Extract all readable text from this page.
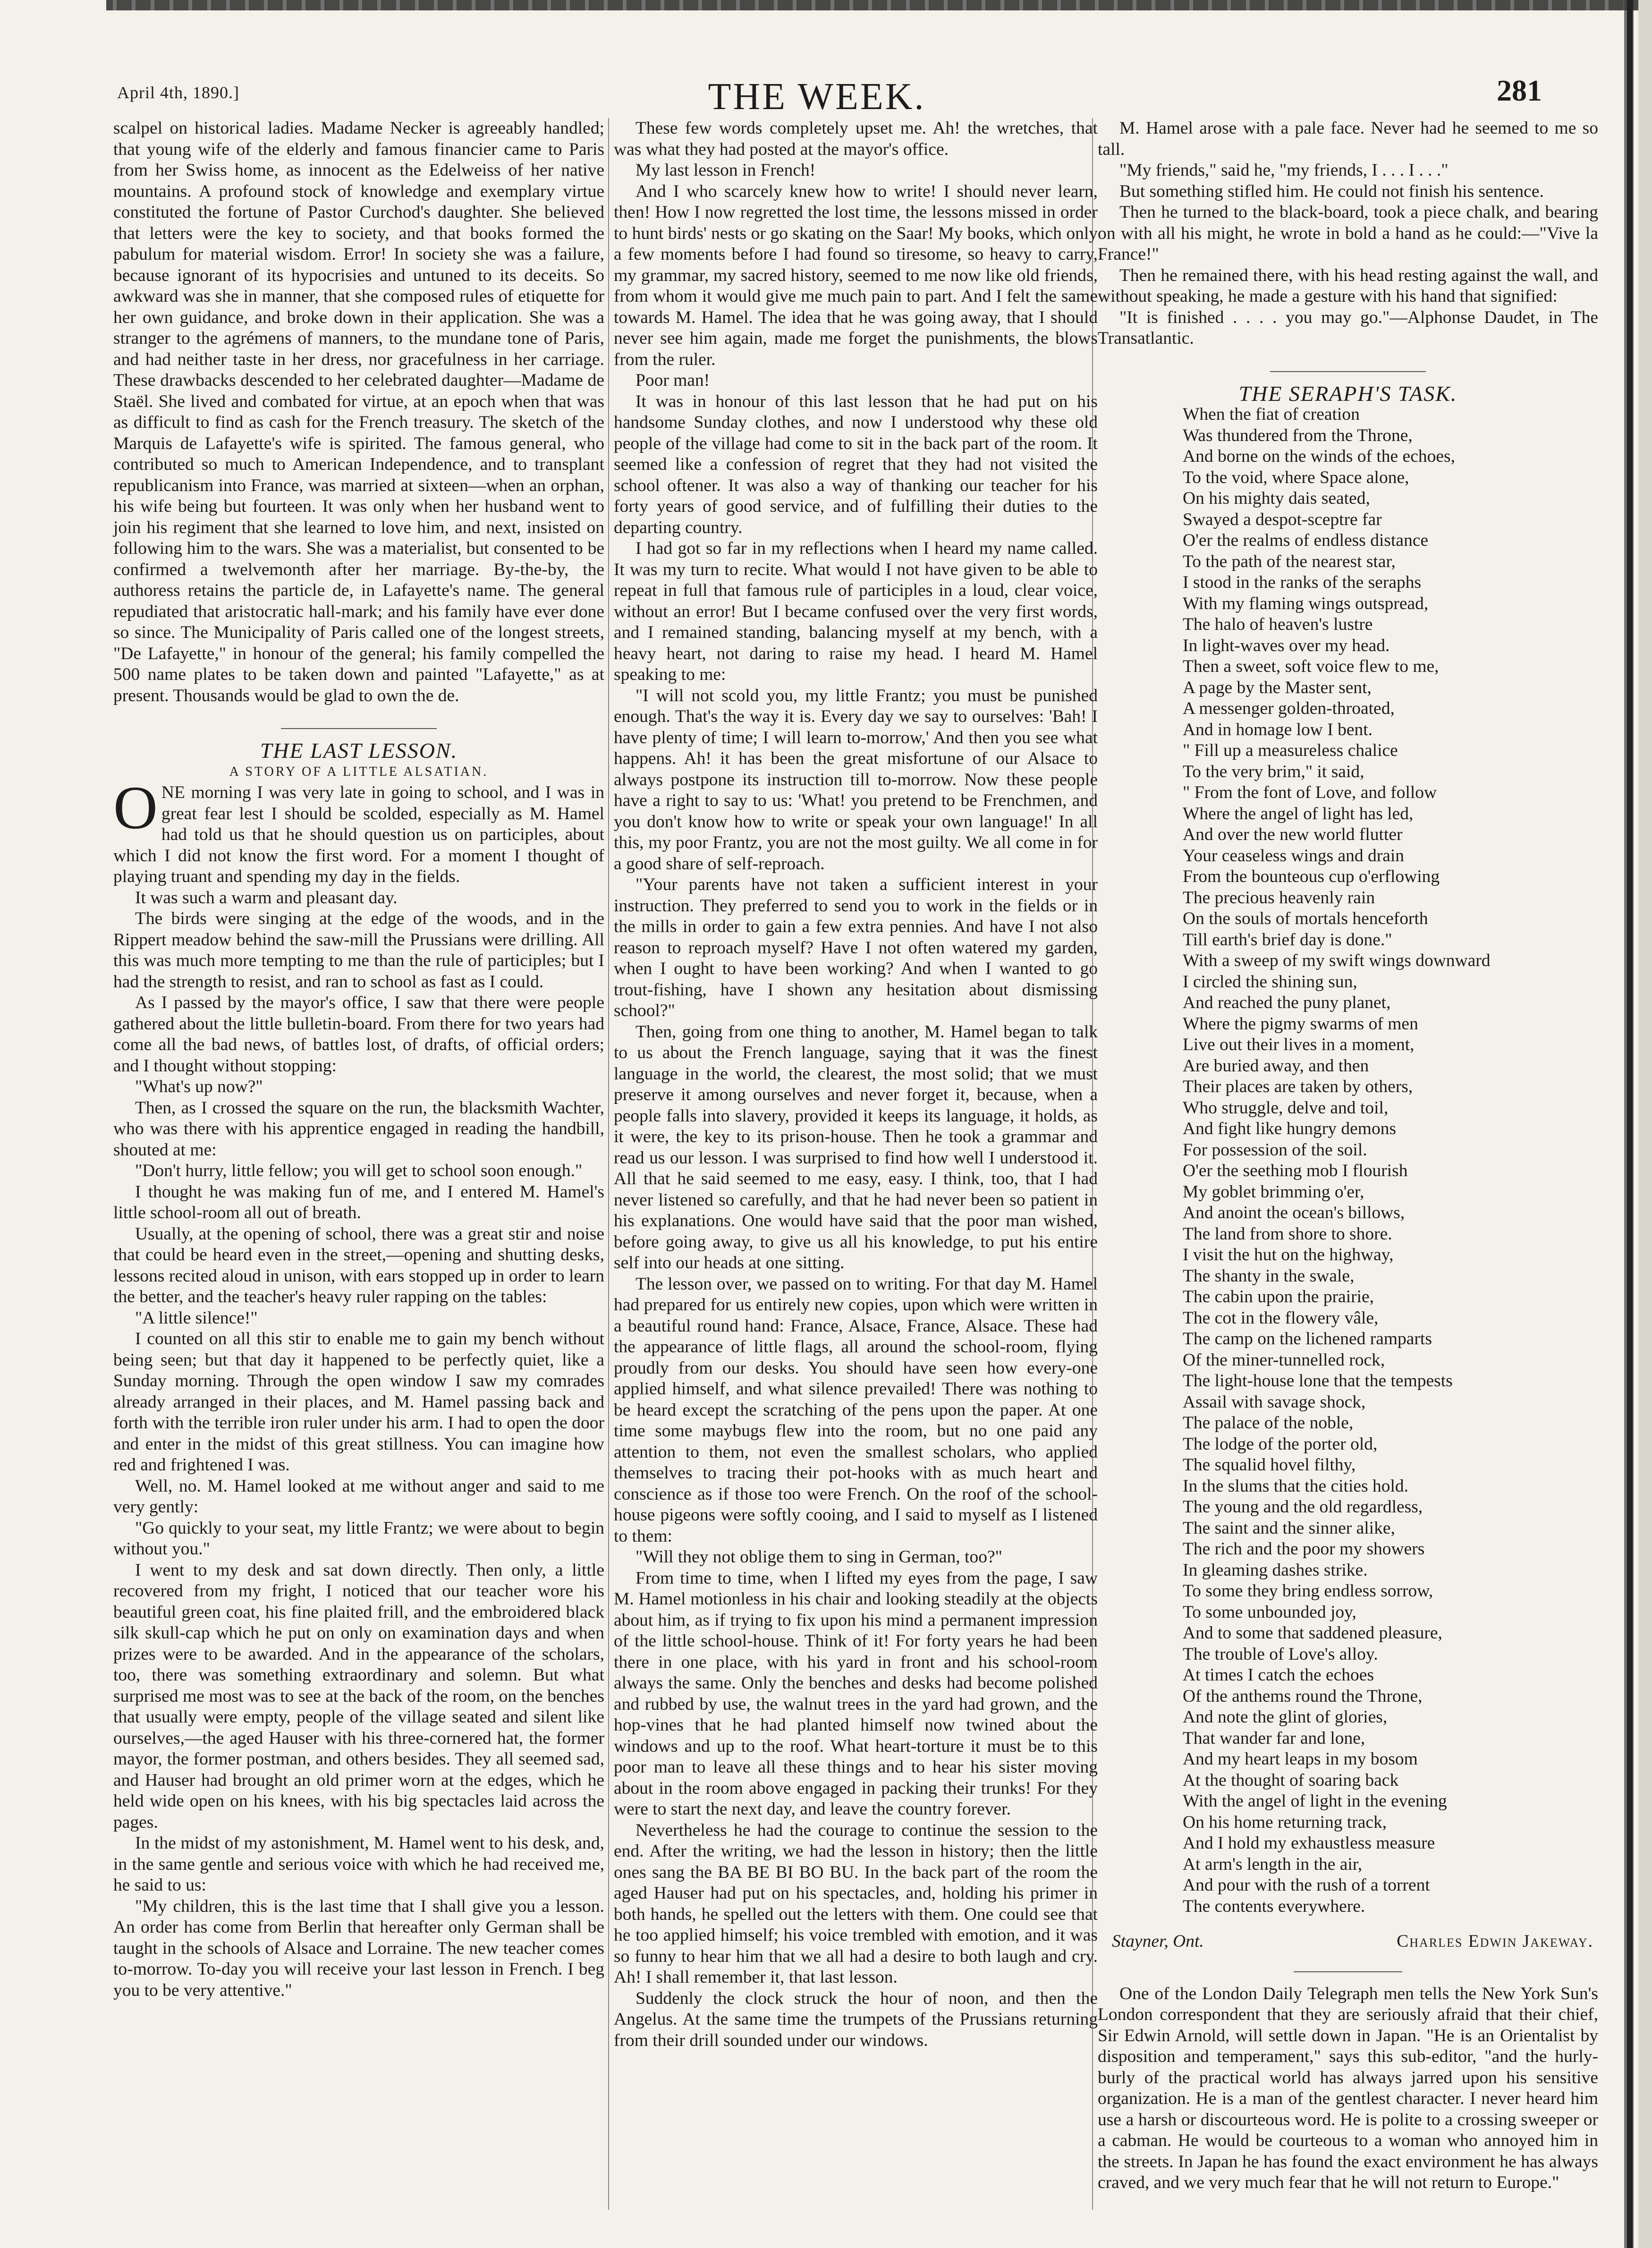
April 4th, 1890.]	THE WEEK.	281

scalpel on historical ladies. Madame Necker is agreeably handled; that young wife of the elderly and famous financier came to Paris from her Swiss home, as innocent as the Edelweiss of her native mountains. A profound stock of knowledge and exemplary virtue constituted the fortune of Pastor Curchod's daughter. She believed that letters were the key to society, and that books formed the pabulum for material wisdom. Error! In society she was a failure, because ignorant of its hypocrisies and untuned to its deceits. So awkward was she in manner, that she composed rules of etiquette for her own guidance, and broke down in their application. She was a stranger to the agrémens of manners, to the mundane tone of Paris, and had neither taste in her dress, nor gracefulness in her carriage. These drawbacks descended to her celebrated daughter—Madame de Staël. She lived and combated for virtue, at an epoch when that was as difficult to find as cash for the French treasury. The sketch of the Marquis de Lafayette's wife is spirited. The famous general, who contributed so much to American Independence, and to transplant republicanism into France, was married at sixteen—when an orphan, his wife being but fourteen. It was only when her husband went to join his regiment that she learned to love him, and next, insisted on following him to the wars. She was a materialist, but consented to be confirmed a twelvemonth after her marriage. By-the-by, the authoress retains the particle de, in Lafayette's name. The general repudiated that aristocratic hall-mark; and his family have ever done so since. The Municipality of Paris called one of the longest streets, "De Lafayette," in honour of the general; his family compelled the 500 name plates to be taken down and painted "Lafayette," as at present. Thousands would be glad to own the de.

THE LAST LESSON.

A STORY OF A LITTLE ALSATIAN.

ONE morning I was very late in going to school, and I was in great fear lest I should be scolded, especially as M. Hamel had told us that he should question us on participles, about which I did not know the first word. For a moment I thought of playing truant and spending my day in the fields.

It was such a warm and pleasant day.

The birds were singing at the edge of the woods, and in the Rippert meadow behind the saw-mill the Prussians were drilling. All this was much more tempting to me than the rule of participles; but I had the strength to resist, and ran to school as fast as I could.

As I passed by the mayor's office, I saw that there were people gathered about the little bulletin-board. From there for two years had come all the bad news, of battles lost, of drafts, of official orders; and I thought without stopping:

"What's up now?"

Then, as I crossed the square on the run, the blacksmith Wachter, who was there with his apprentice engaged in reading the handbill, shouted at me:

"Don't hurry, little fellow; you will get to school soon enough."

I thought he was making fun of me, and I entered M. Hamel's little school-room all out of breath.

Usually, at the opening of school, there was a great stir and noise that could be heard even in the street,—opening and shutting desks, lessons recited aloud in unison, with ears stopped up in order to learn the better, and the teacher's heavy ruler rapping on the tables:

"A little silence!"

I counted on all this stir to enable me to gain my bench without being seen; but that day it happened to be perfectly quiet, like a Sunday morning. Through the open window I saw my comrades already arranged in their places, and M. Hamel passing back and forth with the terrible iron ruler under his arm. I had to open the door and enter in the midst of this great stillness. You can imagine how red and frightened I was.

Well, no. M. Hamel looked at me without anger and said to me very gently:

"Go quickly to your seat, my little Frantz; we were about to begin without you."

I went to my desk and sat down directly. Then only, a little recovered from my fright, I noticed that our teacher wore his beautiful green coat, his fine plaited frill, and the embroidered black silk skull-cap which he put on only on examination days and when prizes were to be awarded. And in the appearance of the scholars, too, there was something extraordinary and solemn. But what surprised me most was to see at the back of the room, on the benches that usually were empty, people of the village seated and silent like ourselves,—the aged Hauser with his three-cornered hat, the former mayor, the former postman, and others besides. They all seemed sad, and Hauser had brought an old primer worn at the edges, which he held wide open on his knees, with his big spectacles laid across the pages.

In the midst of my astonishment, M. Hamel went to his desk, and, in the same gentle and serious voice with which he had received me, he said to us:

"My children, this is the last time that I shall give you a lesson. An order has come from Berlin that hereafter only German shall be taught in the schools of Alsace and Lorraine. The new teacher comes to-morrow. To-day you will receive your last lesson in French. I beg you to be very attentive."

These few words completely upset me. Ah! the wretches, that was what they had posted at the mayor's office.

My last lesson in French!

And I who scarcely knew how to write! I should never learn, then! How I now regretted the lost time, the lessons missed in order to hunt birds' nests or go skating on the Saar! My books, which only a few moments before I had found so tiresome, so heavy to carry, my grammar, my sacred history, seemed to me now like old friends, from whom it would give me much pain to part. And I felt the same towards M. Hamel. The idea that he was going away, that I should never see him again, made me forget the punishments, the blows from the ruler.

Poor man!

It was in honour of this last lesson that he had put on his handsome Sunday clothes, and now I understood why these old people of the village had come to sit in the back part of the room. It seemed like a confession of regret that they had not visited the school oftener. It was also a way of thanking our teacher for his forty years of good service, and of fulfilling their duties to the departing country.

I had got so far in my reflections when I heard my name called. It was my turn to recite. What would I not have given to be able to repeat in full that famous rule of participles in a loud, clear voice, without an error! But I became confused over the very first words, and I remained standing, balancing myself at my bench, with a heavy heart, not daring to raise my head. I heard M. Hamel speaking to me:

"I will not scold you, my little Frantz; you must be punished enough. That's the way it is. Every day we say to ourselves: 'Bah! I have plenty of time; I will learn to-morrow,' And then you see what happens. Ah! it has been the great misfortune of our Alsace to always postpone its instruction till to-morrow. Now these people have a right to say to us: 'What! you pretend to be Frenchmen, and you don't know how to write or speak your own language!' In all this, my poor Frantz, you are not the most guilty. We all come in for a good share of self-reproach.

"Your parents have not taken a sufficient interest in your instruction. They preferred to send you to work in the fields or in the mills in order to gain a few extra pennies. And have I not also reason to reproach myself? Have I not often watered my garden, when I ought to have been working? And when I wanted to go trout-fishing, have I shown any hesitation about dismissing school?"

Then, going from one thing to another, M. Hamel began to talk to us about the French language, saying that it was the finest language in the world, the clearest, the most solid; that we must preserve it among ourselves and never forget it, because, when a people falls into slavery, provided it keeps its language, it holds, as it were, the key to its prison-house. Then he took a grammar and read us our lesson. I was surprised to find how well I understood it. All that he said seemed to me easy, easy. I think, too, that I had never listened so carefully, and that he had never been so patient in his explanations. One would have said that the poor man wished, before going away, to give us all his knowledge, to put his entire self into our heads at one sitting.

The lesson over, we passed on to writing. For that day M. Hamel had prepared for us entirely new copies, upon which were written in a beautiful round hand: France, Alsace, France, Alsace. These had the appearance of little flags, all around the school-room, flying proudly from our desks. You should have seen how every-one applied himself, and what silence prevailed! There was nothing to be heard except the scratching of the pens upon the paper. At one time some maybugs flew into the room, but no one paid any attention to them, not even the smallest scholars, who applied themselves to tracing their pot-hooks with as much heart and conscience as if those too were French. On the roof of the school-house pigeons were softly cooing, and I said to myself as I listened to them:

"Will they not oblige them to sing in German, too?"

From time to time, when I lifted my eyes from the page, I saw M. Hamel motionless in his chair and looking steadily at the objects about him, as if trying to fix upon his mind a permanent impression of the little school-house. Think of it! For forty years he had been there in one place, with his yard in front and his school-room always the same. Only the benches and desks had become polished and rubbed by use, the walnut trees in the yard had grown, and the hop-vines that he had planted himself now twined about the windows and up to the roof. What heart-torture it must be to this poor man to leave all these things and to hear his sister moving about in the room above engaged in packing their trunks! For they were to start the next day, and leave the country forever.

Nevertheless he had the courage to continue the session to the end. After the writing, we had the lesson in history; then the little ones sang the BA BE BI BO BU. In the back part of the room the aged Hauser had put on his spectacles, and, holding his primer in both hands, he spelled out the letters with them. One could see that he too applied himself; his voice trembled with emotion, and it was so funny to hear him that we all had a desire to both laugh and cry. Ah! I shall remember it, that last lesson.

Suddenly the clock struck the hour of noon, and then the Angelus. At the same time the trumpets of the Prussians returning from their drill sounded under our windows.

M. Hamel arose with a pale face. Never had he seemed to me so tall.

"My friends," said he, "my friends, I . . . I . . ."

But something stifled him. He could not finish his sentence.

Then he turned to the black-board, took a piece chalk, and bearing on with all his might, he wrote in bold a hand as he could:—"Vive la France!"

Then he remained there, with his head resting against the wall, and without speaking, he made a gesture with his hand that signified:

"It is finished . . . . you may go."—Alphonse Daudet, in The Transatlantic.

THE SERAPH'S TASK.

When the fiat of creation
Was thundered from the Throne,
And borne on the winds of the echoes,
To the void, where Space alone,
On his mighty dais seated,
Swayed a despot-sceptre far
O'er the realms of endless distance
To the path of the nearest star,
I stood in the ranks of the seraphs
With my flaming wings outspread,
The halo of heaven's lustre
In light-waves over my head.
Then a sweet, soft voice flew to me,
A page by the Master sent,
A messenger golden-throated,
And in homage low I bent.
" Fill up a measureless chalice
To the very brim," it said,
" From the font of Love, and follow
Where the angel of light has led,
And over the new world flutter
Your ceaseless wings and drain
From the bounteous cup o'erflowing
The precious heavenly rain
On the souls of mortals henceforth
Till earth's brief day is done."
With a sweep of my swift wings downward
I circled the shining sun,
And reached the puny planet,
Where the pigmy swarms of men
Live out their lives in a moment,
Are buried away, and then
Their places are taken by others,
Who struggle, delve and toil,
And fight like hungry demons
For possession of the soil.
O'er the seething mob I flourish
My goblet brimming o'er,
And anoint the ocean's billows,
The land from shore to shore.
I visit the hut on the highway,
The shanty in the swale,
The cabin upon the prairie,
The cot in the flowery vâle,
The camp on the lichened ramparts
Of the miner-tunnelled rock,
The light-house lone that the tempests
Assail with savage shock,
The palace of the noble,
The lodge of the porter old,
The squalid hovel filthy,
In the slums that the cities hold.
The young and the old regardless,
The saint and the sinner alike,
The rich and the poor my showers
In gleaming dashes strike.
To some they bring endless sorrow,
To some unbounded joy,
And to some that saddened pleasure,
The trouble of Love's alloy.
At times I catch the echoes
Of the anthems round the Throne,
And note the glint of glories,
That wander far and lone,
And my heart leaps in my bosom
At the thought of soaring back
With the angel of light in the evening
On his home returning track,
And I hold my exhaustless measure
At arm's length in the air,
And pour with the rush of a torrent
The contents everywhere.
Stayner, Ont.	Charles Edwin Jakeway.

One of the London Daily Telegraph men tells the New York Sun's London correspondent that they are seriously afraid that their chief, Sir Edwin Arnold, will settle down in Japan. "He is an Orientalist by disposition and temperament," says this sub-editor, "and the hurly-burly of the practical world has always jarred upon his sensitive organization. He is a man of the gentlest character. I never heard him use a harsh or discourteous word. He is polite to a crossing sweeper or a cabman. He would be courteous to a woman who annoyed him in the streets. In Japan he has found the exact environment he has always craved, and we very much fear that he will not return to Europe."
